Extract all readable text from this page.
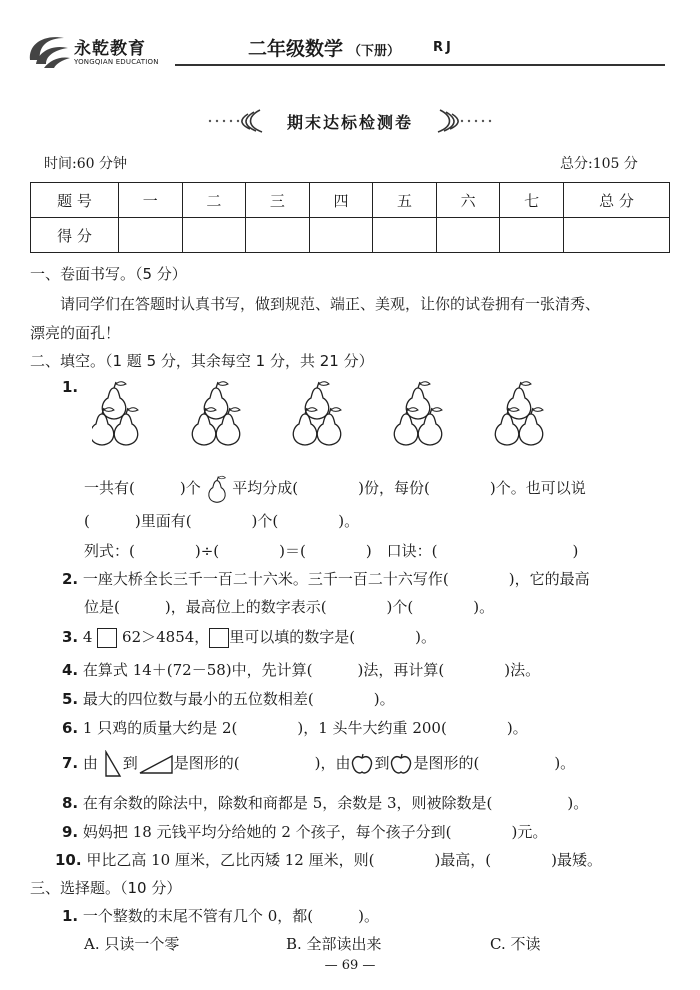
永乾教育
YONGQIAN EDUCATION
二年级数学 （下册）	RJ
期末达标检测卷
时间:60 分钟	总分:105 分
题 号	一	二	三	四	五	六	七	总 分
得 分								
一、卷面书写。（5 分）
请同学们在答题时认真书写，做到规范、端正、美观，让你的试卷拥有一张清秀、
漂亮的面孔！
二、填空。（1 题 5 分，其余每空 1 分，共 21 分）
1.
一共有(　　　)个 平均分成(　　　　)份，每份(　　　　)个。也可以说
(　　　)里面有(　　　　)个(　　　　)。
列式：(　　　　)÷(　　　　)＝(　　　　)　口诀：(　　　　　　　　　)
2. 一座大桥全长三千一百二十六米。三千一百二十六写作(　　　　)，它的最高
位是(　　　)，最高位上的数字表示(　　　　)个(　　　　)。
3. 4 62＞4854， 里可以填的数字是(　　　　)。
4. 在算式 14＋(72－58)中，先计算(　　　)法，再计算(　　　　)法。
5. 最大的四位数与最小的五位数相差(　　　　)。
6. 1 只鸡的质量大约是 2(　　　　)，1 头牛大约重 200(　　　　)。
7. 由 到 是图形的(　　　　　)，由 到 是图形的(　　　　　)。
8. 在有余数的除法中，除数和商都是 5，余数是 3，则被除数是(　　　　　)。
9. 妈妈把 18 元钱平均分给她的 2 个孩子，每个孩子分到(　　　　)元。
10. 甲比乙高 10 厘米，乙比丙矮 12 厘米，则(　　　　)最高，(　　　　)最矮。
三、选择题。（10 分）
1. 一个整数的末尾不管有几个 0，都(　　　)。
A. 只读一个零	B. 全部读出来	C. 不读
— 69 —
